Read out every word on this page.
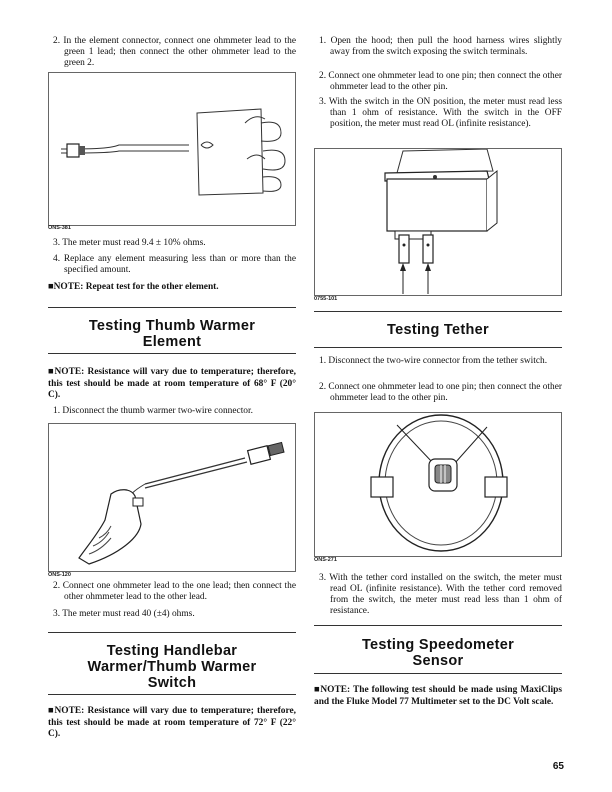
2. In the element connector, connect one ohmmeter lead to the green 1 lead; then connect the other ohmmeter lead to the green 2.

ONS-381

3. The meter must read 9.4 ± 10% ohms.

4. Replace any element measuring less than or more than the specified amount.

■NOTE: Repeat test for the other element.

Testing Thumb Warmer
Element

■NOTE: Resistance will vary due to temperature; therefore, this test should be made at room temperature of 68° F (20° C).

1. Disconnect the thumb warmer two-wire connector.

ONS-120

2. Connect one ohmmeter lead to the one lead; then connect the other ohmmeter lead to the other lead.

3. The meter must read 40 (±4) ohms.

Testing Handlebar
Warmer/Thumb Warmer
Switch

■NOTE: Resistance will vary due to temperature; therefore, this test should be made at room temperature of 72° F (22° C).

1. Open the hood; then pull the hood harness wires slightly away from the switch exposing the switch terminals.

2. Connect one ohmmeter lead to one pin; then connect the other ohmmeter lead to the other pin.

3. With the switch in the ON position, the meter must read less than 1 ohm of resistance. With the switch in the OFF position, the meter must read OL (infinite resistance).

0755-101
Testing Tether

1. Disconnect the two-wire connector from the tether switch.

2. Connect one ohmmeter lead to one pin; then connect the other ohmmeter lead to the other pin.

ONS-271

3. With the tether cord installed on the switch, the meter must read OL (infinite resistance). With the tether cord removed from the switch, the meter must read less than 1 ohm of resistance.

Testing Speedometer
Sensor

■NOTE: The following test should be made using MaxiClips and the Fluke Model 77 Multimeter set to the DC Volt scale.

65
